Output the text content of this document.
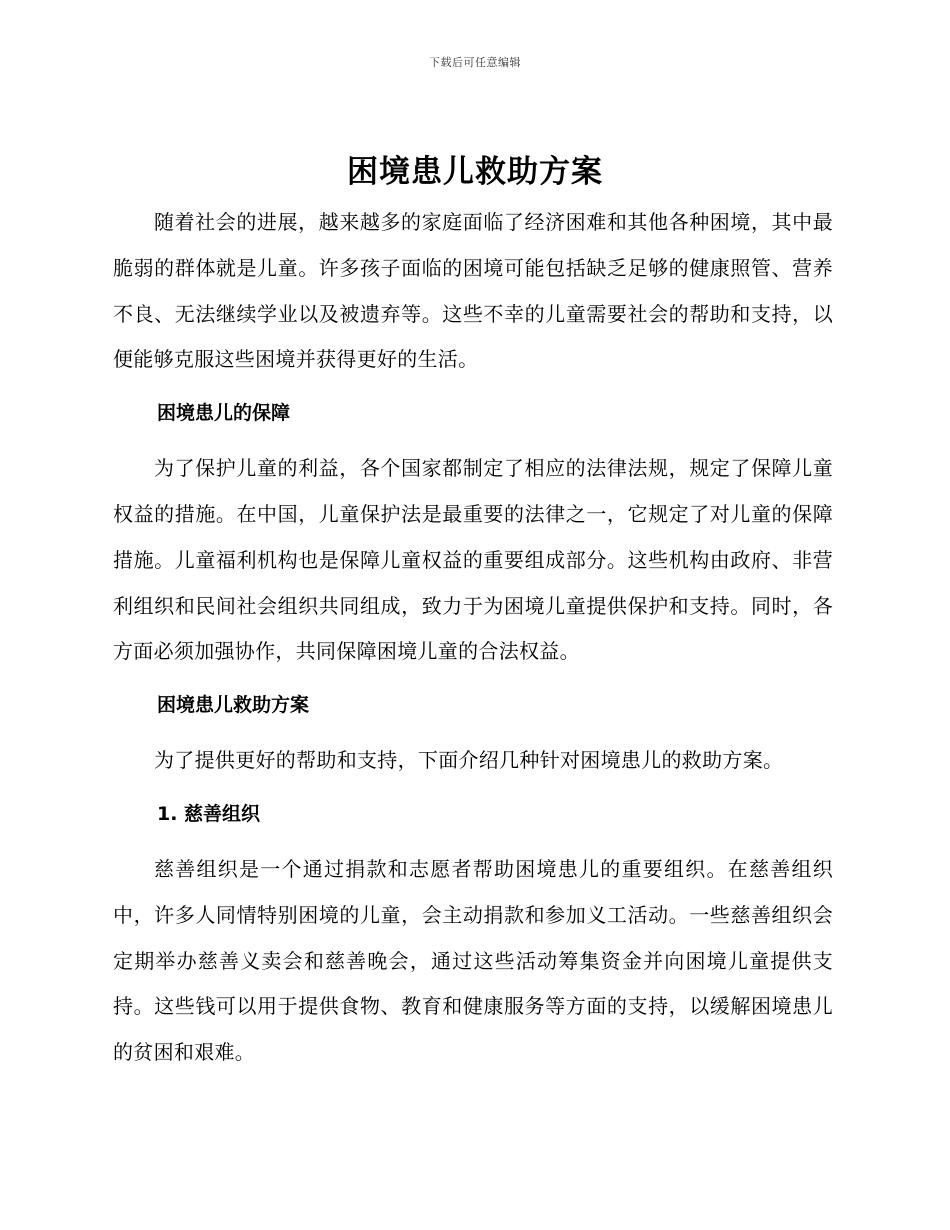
下载后可任意编辑
困境患儿救助方案

随着社会的进展，越来越多的家庭面临了经济困难和其他各种困境，其中最脆弱的群体就是儿童。许多孩子面临的困境可能包括缺乏足够的健康照管、营养不良、无法继续学业以及被遗弃等。这些不幸的儿童需要社会的帮助和支持，以便能够克服这些困境并获得更好的生活。

困境患儿的保障

为了保护儿童的利益，各个国家都制定了相应的法律法规，规定了保障儿童权益的措施。在中国，儿童保护法是最重要的法律之一，它规定了对儿童的保障措施。儿童福利机构也是保障儿童权益的重要组成部分。这些机构由政府、非营利组织和民间社会组织共同组成，致力于为困境儿童提供保护和支持。同时，各方面必须加强协作，共同保障困境儿童的合法权益。

困境患儿救助方案

为了提供更好的帮助和支持，下面介绍几种针对困境患儿的救助方案。

1. 慈善组织

慈善组织是一个通过捐款和志愿者帮助困境患儿的重要组织。在慈善组织中，许多人同情特别困境的儿童，会主动捐款和参加义工活动。一些慈善组织会定期举办慈善义卖会和慈善晚会，通过这些活动筹集资金并向困境儿童提供支持。这些钱可以用于提供食物、教育和健康服务等方面的支持，以缓解困境患儿的贫困和艰难。
